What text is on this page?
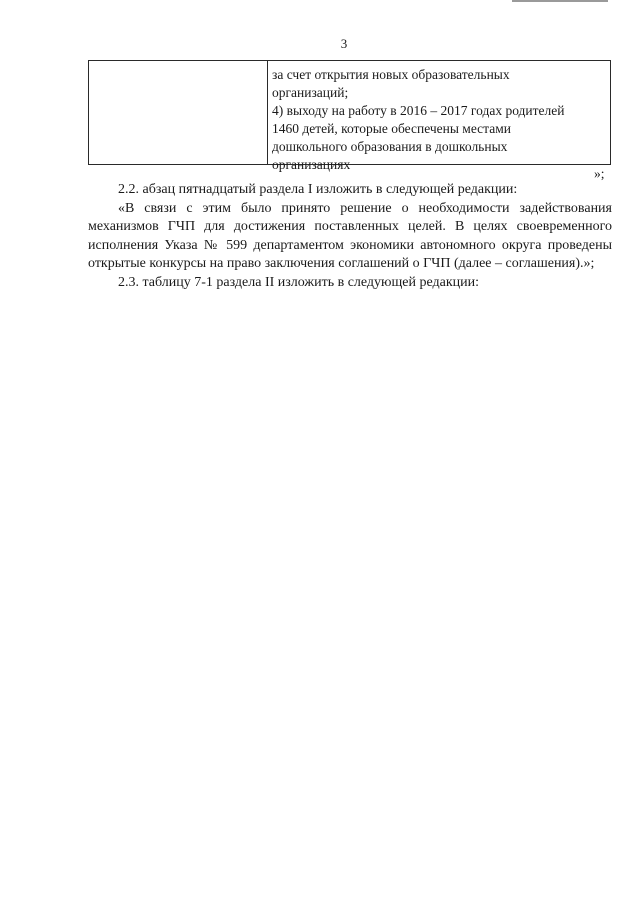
3
за счет открытия новых образовательных
организаций;
4) выходу на работу в 2016 – 2017 годах родителей
1460 детей, которые обеспечены местами
дошкольного образования в дошкольных
организациях
»;

2.2. абзац пятнадцатый раздела I изложить в следующей редакции:

«В связи с этим было принято решение о необходимости задействования механизмов ГЧП для достижения поставленных целей. В целях своевременного исполнения Указа № 599 департаментом экономики автономного округа проведены открытые конкурсы на право заключения соглашений о ГЧП (далее – соглашения).»;

2.3. таблицу 7-1 раздела II изложить в следующей редакции:
